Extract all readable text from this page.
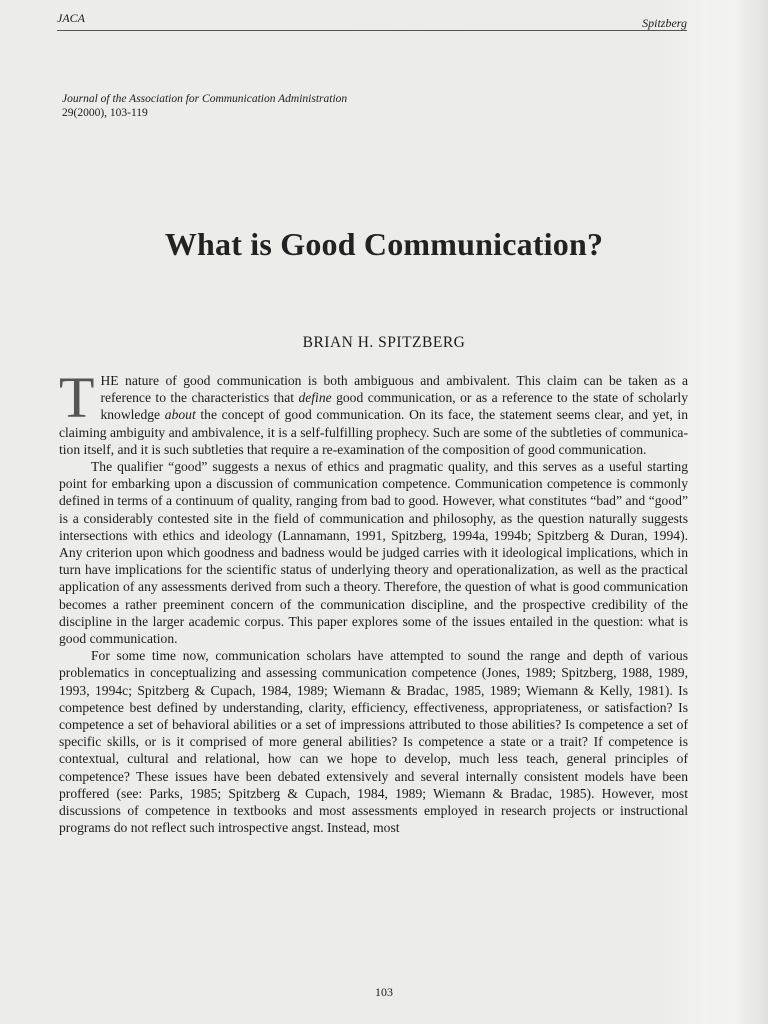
JACA	Spitzberg
Journal of the Association for Communication Administration
29(2000), 103-119
What is Good Communication?
BRIAN H. SPITZBERG

THE nature of good communication is both ambiguous and ambivalent. This claim can be taken as a reference to the characteristics that define good communication, or as a reference to the state of scholarly knowledge about the concept of good communication. On its face, the statement seems clear, and yet, in claiming ambiguity and ambivalence, it is a self-fulfilling prophecy. Such are some of the subtleties of communication itself, and it is such subtleties that require a re-examination of the composition of good communication.

The qualifier “good” suggests a nexus of ethics and pragmatic quality, and this serves as a useful starting point for embarking upon a discussion of communication competence. Communication competence is commonly defined in terms of a continuum of quality, ranging from bad to good. However, what constitutes “bad” and “good” is a considerably contested site in the field of communication and philosophy, as the question naturally suggests intersections with ethics and ideology (Lannamann, 1991, Spitzberg, 1994a, 1994b; Spitzberg & Duran, 1994). Any criterion upon which goodness and badness would be judged carries with it ideological implications, which in turn have implications for the scientific status of underlying theory and operationalization, as well as the practical application of any assessments derived from such a theory. Therefore, the question of what is good communication becomes a rather preeminent concern of the communication discipline, and the prospective credibility of the discipline in the larger academic corpus. This paper explores some of the issues entailed in the question: what is good communication.

For some time now, communication scholars have attempted to sound the range and depth of various problematics in conceptualizing and assessing communication competence (Jones, 1989; Spitzberg, 1988, 1989, 1993, 1994c; Spitzberg & Cupach, 1984, 1989; Wiemann & Bradac, 1985, 1989; Wiemann & Kelly, 1981). Is competence best defined by understanding, clarity, efficiency, effectiveness, appropriateness, or satisfaction? Is competence a set of behavioral abilities or a set of impressions attributed to those abilities? Is competence a set of specific skills, or is it comprised of more general abilities? Is competence a state or a trait? If competence is contextual, cultural and relational, how can we hope to develop, much less teach, general principles of competence? These issues have been debated extensively and several internally consistent models have been proffered (see: Parks, 1985; Spitzberg & Cupach, 1984, 1989; Wiemann & Bradac, 1985). However, most discussions of competence in textbooks and most assessments employed in research projects or instructional programs do not reflect such introspective angst. Instead, most

103
